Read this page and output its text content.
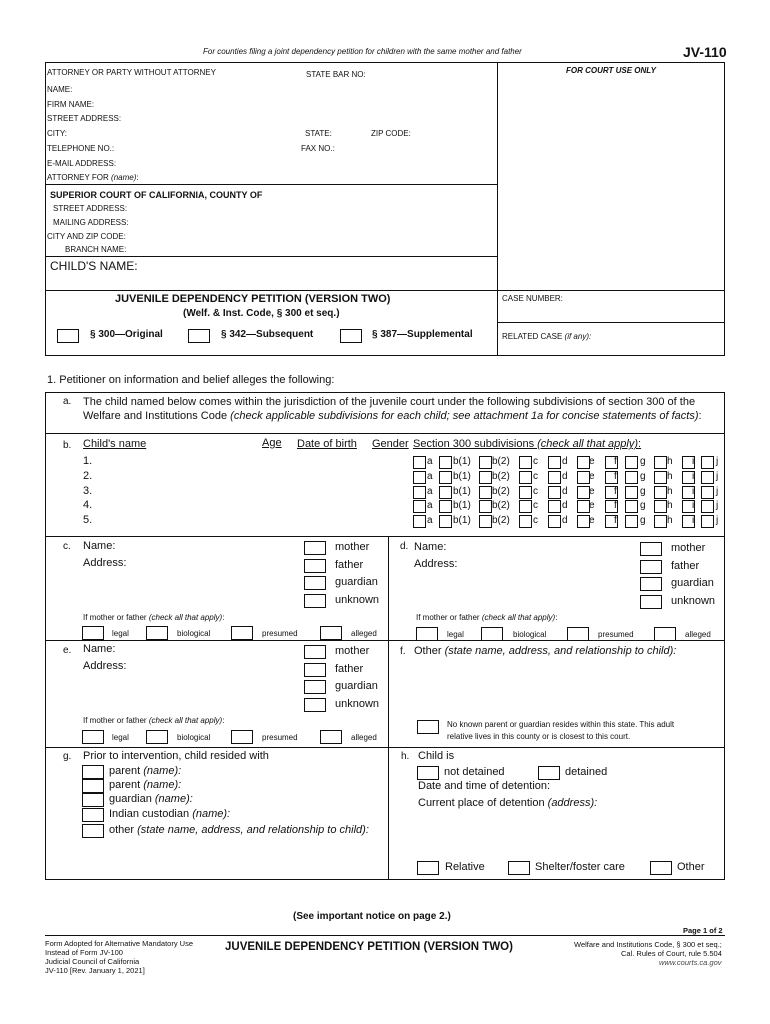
For counties filing a joint dependency petition for children with the same mother and father	JV-110
ATTORNEY OR PARTY WITHOUT ATTORNEY	STATE BAR NO:	FOR COURT USE ONLY
NAME:
FIRM NAME:
STREET ADDRESS:
CITY:	STATE:	ZIP CODE:
TELEPHONE NO.:	FAX NO.:
E-MAIL ADDRESS:
ATTORNEY FOR (name):
SUPERIOR COURT OF CALIFORNIA, COUNTY OF
STREET ADDRESS:
MAILING ADDRESS:
CITY AND ZIP CODE:
BRANCH NAME:
CHILD'S NAME:
JUVENILE DEPENDENCY PETITION (VERSION TWO)
(Welf. & Inst. Code, § 300 et seq.)
CASE NUMBER:
§ 300—Original	§ 342—Subsequent	§ 387—Supplemental	RELATED CASE (if any):
1. Petitioner on information and belief alleges the following:
a. The child named below comes within the jurisdiction of the juvenile court under the following subdivisions of section 300 of the
Welfare and Institutions Code (check applicable subdivisions for each child; see attachment 1a for concise statements of facts):
b. Child's name	Age Date of birth Gender Section 300 subdivisions (check all that apply):
1.	a b(1) b(2) c d e f g h i j
2.	a b(1) b(2) c d e f g h i j
3.	a b(1) b(2) c d e f g h i j
4.	a b(1) b(2) c d e f g h i j
5.	a b(1) b(2) c d e f g h i j
c. Name:
Address:
mother
father
guardian
unknown
If mother or father (check all that apply):
legal	biological	presumed	alleged
d. Name:
Address:
mother
father
guardian
unknown
If mother or father (check all that apply):
legal	biological	presumed	alleged
e. Name:
Address:
mother
father
guardian
unknown
If mother or father (check all that apply):
legal	biological	presumed	alleged
f. Other (state name, address, and relationship to child):
No known parent or guardian resides within this state. This adult
relative lives in this county or is closest to this court.
g. Prior to intervention, child resided with
parent (name):
parent (name):
guardian (name):
Indian custodian (name):
other (state name, address, and relationship to child):
h. Child is
not detained	detained
Date and time of detention:
Current place of detention (address):
Relative	Shelter/foster care	Other
(See important notice on page 2.)
Page 1 of 2
Form Adopted for Alternative Mandatory Use
Instead of Form JV-100
Judicial Council of California
JV-110 [Rev. January 1, 2021]
JUVENILE DEPENDENCY PETITION (VERSION TWO)	Welfare and Institutions Code, § 300 et seq.;
Cal. Rules of Court, rule 5.504
www.courts.ca.gov
